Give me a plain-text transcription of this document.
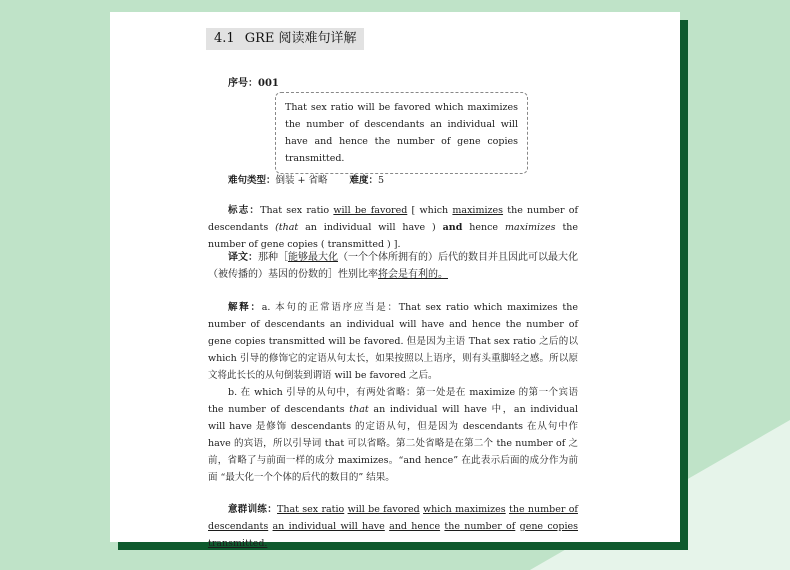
4.1 GRE 阅读难句详解
序号：001
That sex ratio will be favored which maximizes the number of descendants an individual will have and hence the number of gene copies transmitted.
难句类型：倒装 + 省略 难度：5
标志：That sex ratio will be favored [ which maximizes the number of descendants (that an individual will have ) and hence maximizes the number of gene copies ( transmitted ) ].
译文：那种［能够最大化（一个个体所拥有的）后代的数目并且因此可以最大化（被传播的）基因的份数的］性别比率将会是有利的。
解释：a. 本句的正常语序应当是：That sex ratio which maximizes the number of descendants an individual will have and hence the number of gene copies transmitted will be favored. 但是因为主语 That sex ratio 之后的以 which 引导的修饰它的定语从句太长，如果按照以上语序，则有头重脚轻之感。所以原文将此长长的从句倒装到谓语 will be favored 之后。
b. 在 which 引导的从句中，有两处省略：第一处是在 maximize 的第一个宾语 the number of descendants that an individual will have 中，an individual will have 是修饰 descendants 的定语从句，但是因为 descendants 在从句中作 have 的宾语，所以引导词 that 可以省略。第二处省略是在第二个 the number of 之前，省略了与前面一样的成分 maximizes。“and hence” 在此表示后面的成分作为前面 “最大化一个个体的后代的数目的” 结果。
意群训练：That sex ratio will be favored which maximizes the number of descendants an individual will have and hence the number of gene copies transmitted.
